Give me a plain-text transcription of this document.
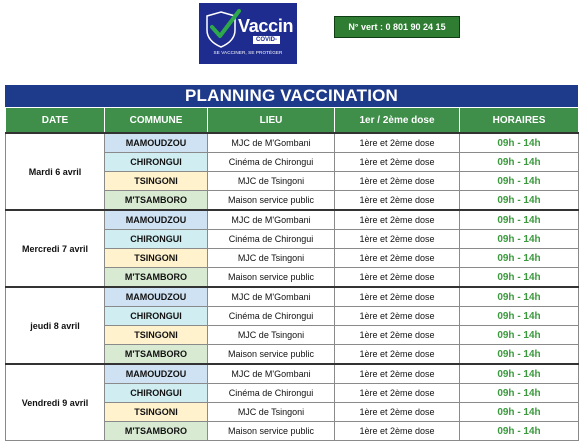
Vaccin
COVID-19
SE VACCINER, SE PROTÉGER
N° vert : 0 801 90 24 15
PLANNING VACCINATION
DATE	COMMUNE	LIEU	1er / 2ème dose	HORAIRES
Mardi 6 avril	MAMOUDZOU	MJC de M'Gombani	1ère et 2ème dose	09h - 14h
	CHIRONGUI	Cinéma de Chirongui	1ère et 2ème dose	09h - 14h
	TSINGONI	MJC de Tsingoni	1ère et 2ème dose	09h - 14h
	M'TSAMBORO	Maison service public	1ère et 2ème dose	09h - 14h
Mercredi 7 avril	MAMOUDZOU	MJC de M'Gombani	1ère et 2ème dose	09h - 14h
	CHIRONGUI	Cinéma de Chirongui	1ère et 2ème dose	09h - 14h
	TSINGONI	MJC de Tsingoni	1ère et 2ème dose	09h - 14h
	M'TSAMBORO	Maison service public	1ère et 2ème dose	09h - 14h
jeudi 8 avril	MAMOUDZOU	MJC de M'Gombani	1ère et 2ème dose	09h - 14h
	CHIRONGUI	Cinéma de Chirongui	1ère et 2ème dose	09h - 14h
	TSINGONI	MJC de Tsingoni	1ère et 2ème dose	09h - 14h
	M'TSAMBORO	Maison service public	1ère et 2ème dose	09h - 14h
Vendredi 9 avril	MAMOUDZOU	MJC de M'Gombani	1ère et 2ème dose	09h - 14h
	CHIRONGUI	Cinéma de Chirongui	1ère et 2ème dose	09h - 14h
	TSINGONI	MJC de Tsingoni	1ère et 2ème dose	09h - 14h
	M'TSAMBORO	Maison service public	1ère et 2ème dose	09h - 14h
